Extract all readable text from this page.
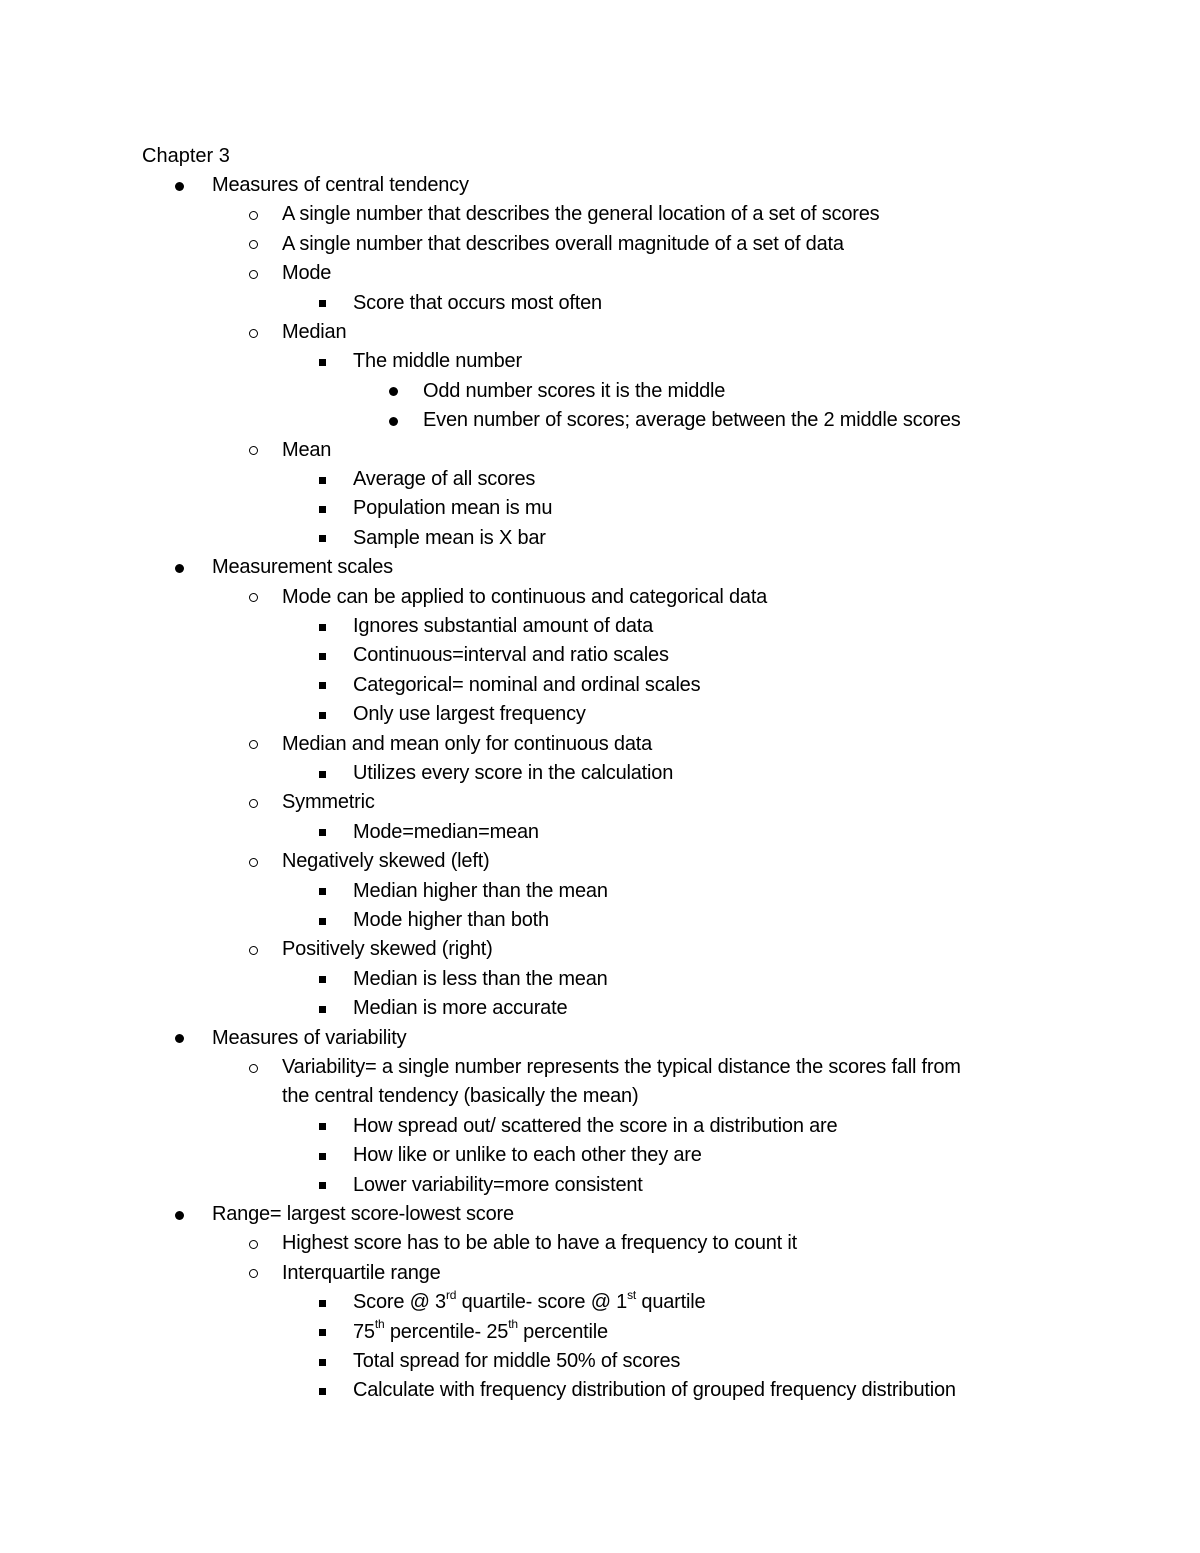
Chapter 3
Measures of central tendency
A single number that describes the general location of a set of scores
A single number that describes overall magnitude of a set of data
Mode
Score that occurs most often
Median
The middle number
Odd number scores it is the middle
Even number of scores; average between the 2 middle scores
Mean
Average of all scores
Population mean is mu
Sample mean is X bar
Measurement scales
Mode can be applied to continuous and categorical data
Ignores substantial amount of data
Continuous=interval and ratio scales
Categorical= nominal and ordinal scales
Only use largest frequency
Median and mean only for continuous data
Utilizes every score in the calculation
Symmetric
Mode=median=mean
Negatively skewed (left)
Median higher than the mean
Mode higher than both
Positively skewed (right)
Median is less than the mean
Median is more accurate
Measures of variability
Variability= a single number represents the typical distance the scores fall from
the central tendency (basically the mean)
How spread out/ scattered the score in a distribution are
How like or unlike to each other they are
Lower variability=more consistent
Range= largest score-lowest score
Highest score has to be able to have a frequency to count it
Interquartile range
Score @ 3rd quartile- score @ 1st quartile
75th percentile- 25th percentile
Total spread for middle 50% of scores
Calculate with frequency distribution of grouped frequency distribution
